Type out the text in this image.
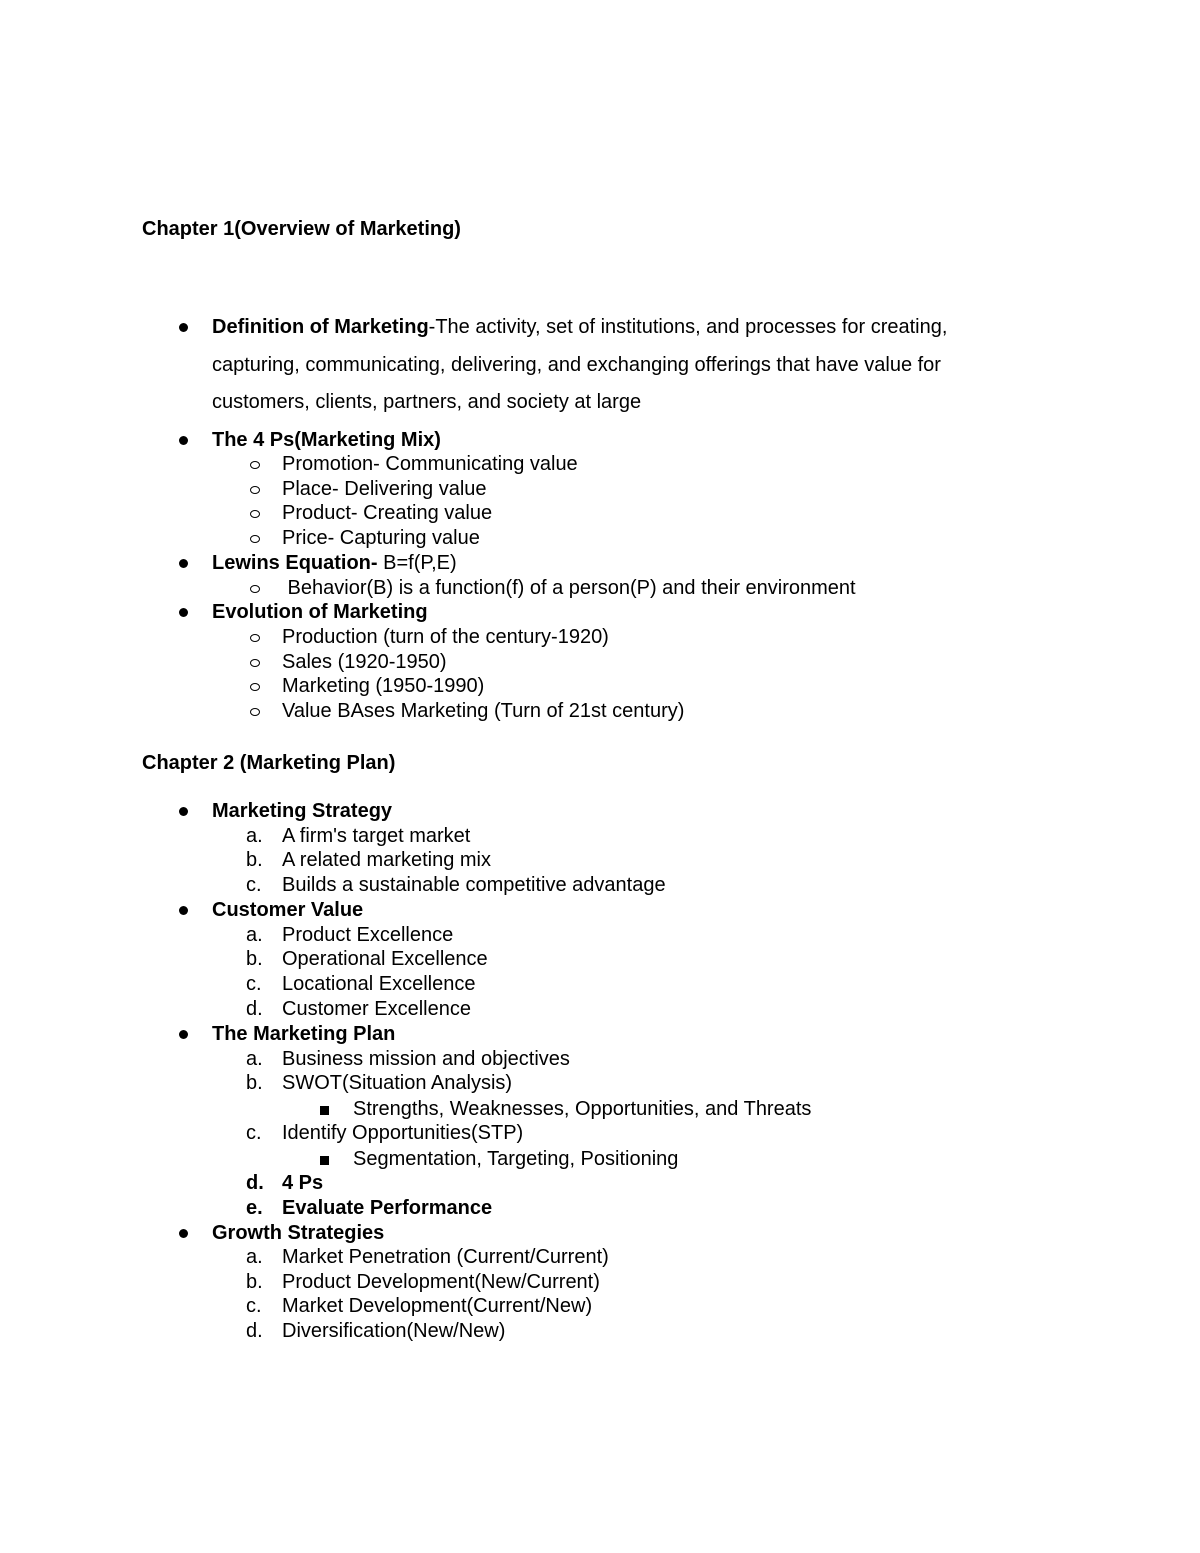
Chapter 1(Overview of Marketing)
Definition of Marketing-The activity, set of institutions, and processes for creating,
capturing, communicating, delivering, and exchanging offerings that have value for
customers, clients, partners, and society at large
The 4 Ps(Marketing Mix)
Promotion- Communicating value
Place- Delivering value
Product- Creating value
Price- Capturing value
Lewins Equation- B=f(P,E)
Behavior(B) is a function(f) of a person(P) and their environment
Evolution of Marketing
Production (turn of the century-1920)
Sales (1920-1950)
Marketing (1950-1990)
Value BAses Marketing (Turn of 21st century)
Chapter 2 (Marketing Plan)
Marketing Strategy
a. A firm's target market
b. A related marketing mix
c. Builds a sustainable competitive advantage
Customer Value
a. Product Excellence
b. Operational Excellence
c. Locational Excellence
d. Customer Excellence
The Marketing Plan
a. Business mission and objectives
b. SWOT(Situation Analysis)
Strengths, Weaknesses, Opportunities, and Threats
c. Identify Opportunities(STP)
Segmentation, Targeting, Positioning
d. 4 Ps
e. Evaluate Performance
Growth Strategies
a. Market Penetration (Current/Current)
b. Product Development(New/Current)
c. Market Development(Current/New)
d. Diversification(New/New)
